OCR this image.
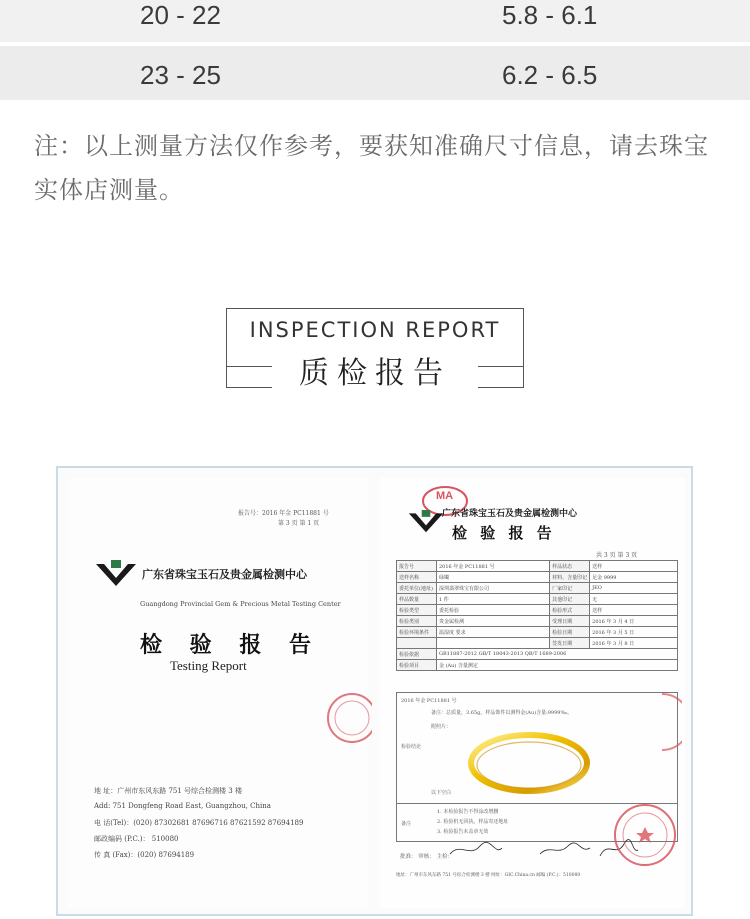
20 - 22	5.8 - 6.1
23 - 25	6.2 - 6.5
注：以上测量方法仅作参考，要获知准确尺寸信息，请去珠宝实体店测量。
INSPECTION REPORT
质检报告
报告号：2016 年金 PC11881 号
第 3 页 第 1 页
广东省珠宝玉石及贵金属检测中心
Guangdong Provincial Gem & Precious Metal Testing Center
检 验 报 告
Testing Report
地 址：广州市东风东路 751 号综合检测楼 3 楼
Add: 751 Dongfeng Road East, Guangzhou, China
电 话(Tel)：(020) 87302681 87696716 87621592 87694189
邮政编码 (P.C.)： 510080
传 真 (Fax)：(020) 87694189
MA
广东省珠宝玉石及贵金属检测中心
检 验 报 告
共 3 页 第 3 页
报告号	2016 年金 PC11881 号	样品状态	送样
送样名称	绿镯	材料、含量印记	足金 9999
委托单位(地址)	深圳翡翠珠宝有限公司	厂家印记	JEO
样品数量	1 件	其他印记	无
检验类型	委托检验	检验形式	送样
检验类别	贵金属检测	受理日期	2016 年 3 月 4 日
检验环境条件	温湿度 要求	检验日期	2016 年 3 月 5 日
		签发日期	2016 年 3 月 8 日
检验依据	GB11887-2012 GB/T 18043-2013 QB/T 1689-2006		
检验项目	金 (Au) 含量测定		
2016 年金 PC11881 号
备注：总质量，3.65g。样品饰件以测得金(Au)含量:9999‰。
检验结论
附照片：
以下空白
备注
1. 本检验报告不得涂改增删
2. 检验机无回执。样品寄还地址
3. 检验报告未盖章无效
批准： 审核： 主检：
地址：广州市东风东路 751 号综合检测楼 3 楼 网址：GIC.China.cn 邮编 (P.C.)：510080
